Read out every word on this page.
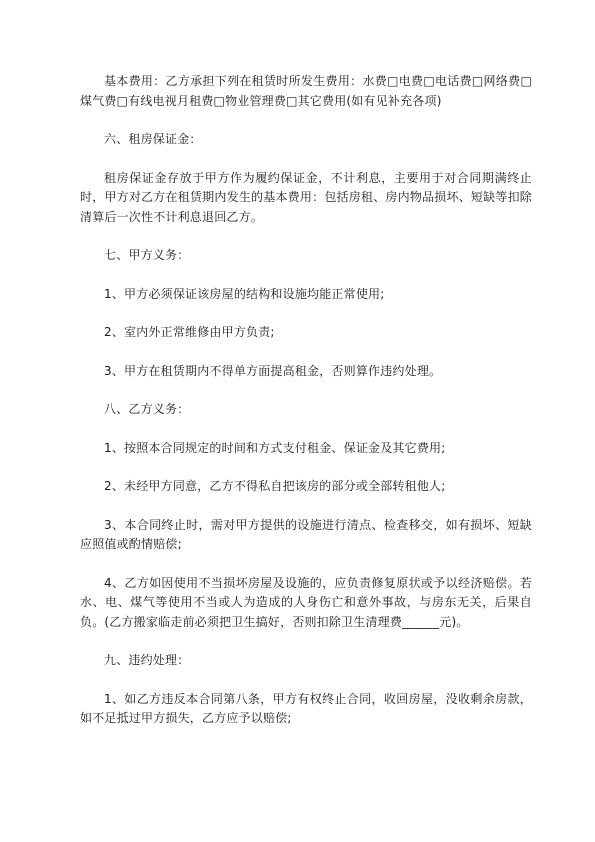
基本费用：乙方承担下列在租赁时所发生费用：水费□电费□电话费□网络费□煤气费□有线电视月租费□物业管理费□其它费用(如有见补充各项)

六、租房保证金：

租房保证金存放于甲方作为履约保证金，不计利息，主要用于对合同期满终止时，甲方对乙方在租赁期内发生的基本费用：包括房租、房内物品损坏、短缺等扣除清算后一次性不计利息退回乙方。

七、甲方义务：

1、甲方必须保证该房屋的结构和设施均能正常使用;

2、室内外正常维修由甲方负责;

3、甲方在租赁期内不得单方面提高租金，否则算作违约处理。

八、乙方义务：

1、按照本合同规定的时间和方式支付租金、保证金及其它费用;

2、未经甲方同意，乙方不得私自把该房的部分或全部转租他人;

3、本合同终止时，需对甲方提供的设施进行清点、检查移交，如有损坏、短缺应照值或酌情赔偿;

4、乙方如因使用不当损坏房屋及设施的，应负责修复原状或予以经济赔偿。若水、电、煤气等使用不当或人为造成的人身伤亡和意外事故，与房东无关，后果自负。(乙方搬家临走前必须把卫生搞好，否则扣除卫生清理费______元)。

九、违约处理：

1、如乙方违反本合同第八条，甲方有权终止合同，收回房屋，没收剩余房款，如不足抵过甲方损失，乙方应予以赔偿;
